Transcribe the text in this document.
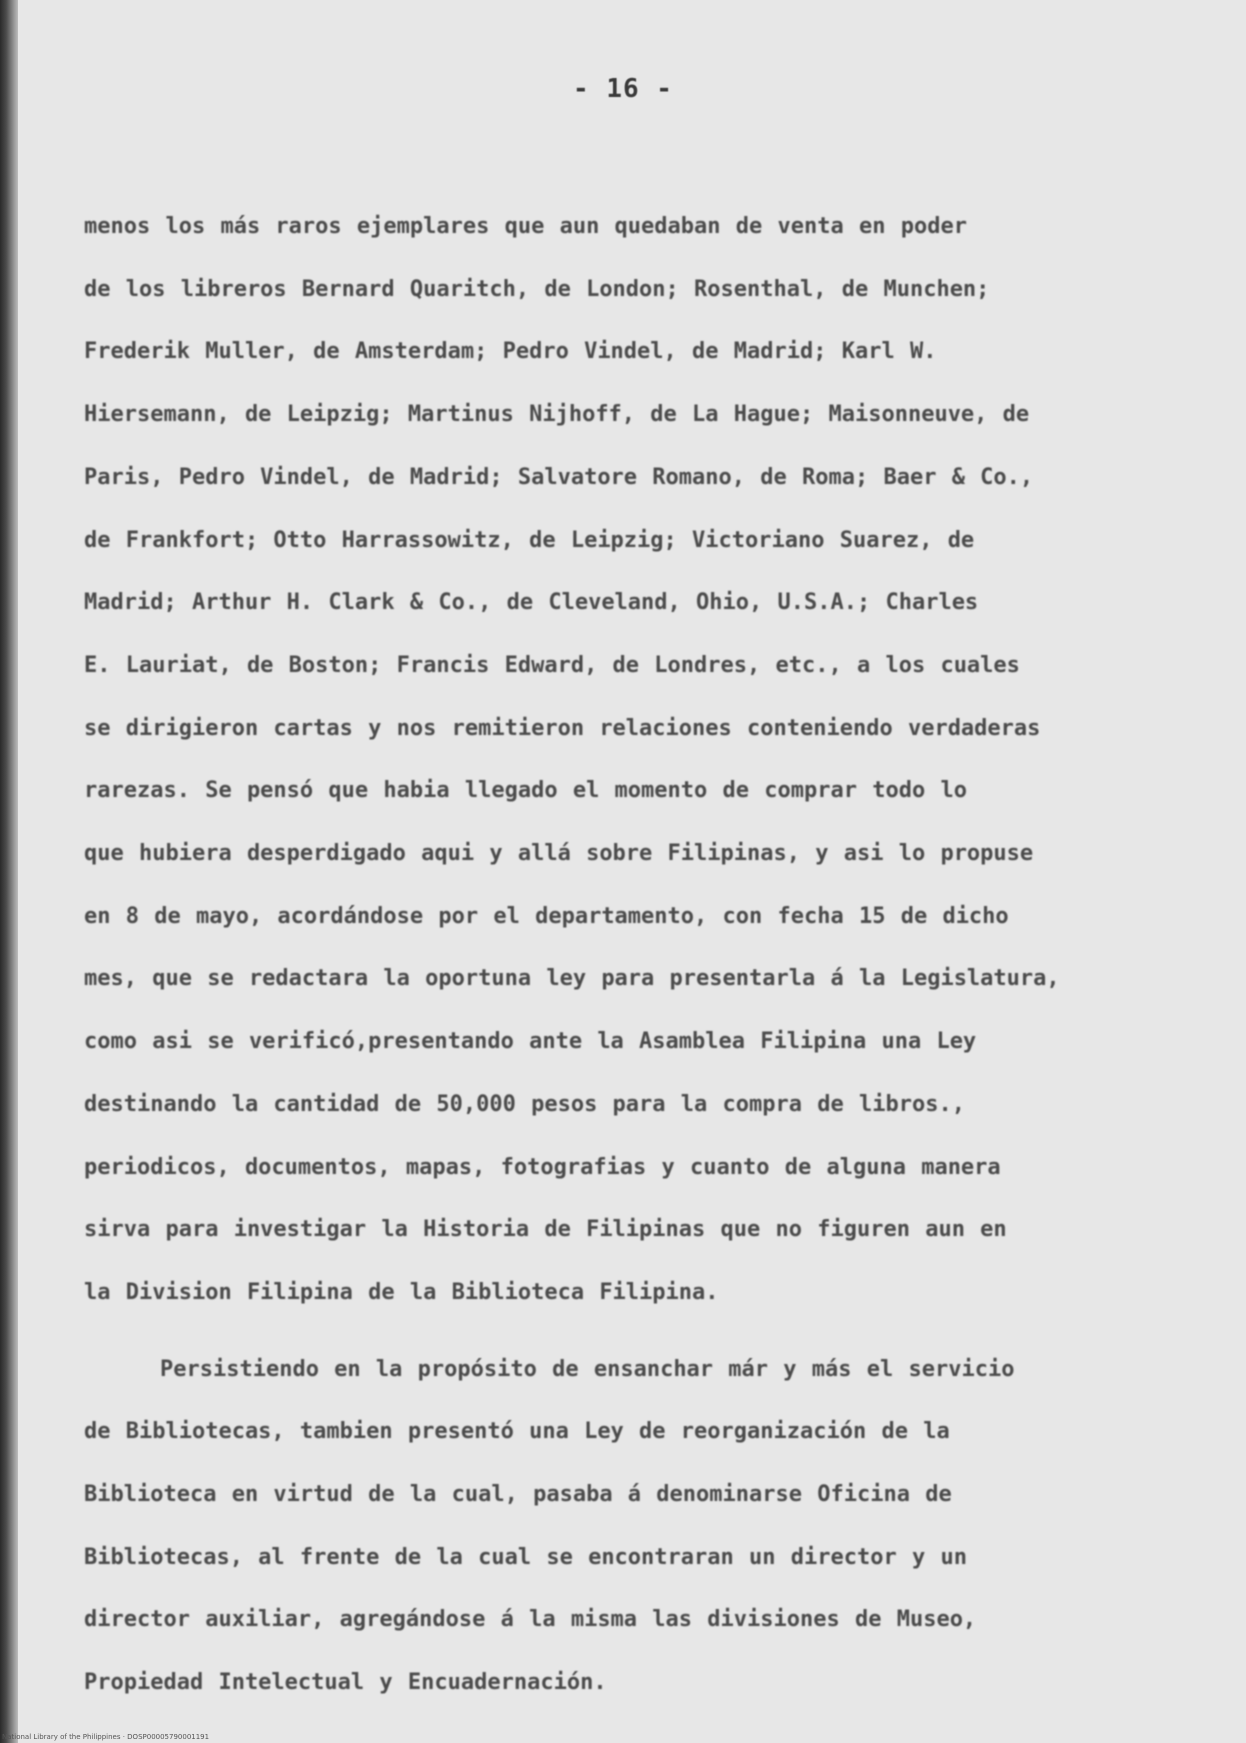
- 16 -
menos los más raros ejemplares que aun quedaban de venta en poder
de los libreros Bernard Quaritch, de London; Rosenthal, de Munchen;
Frederik Muller, de Amsterdam; Pedro Vindel, de Madrid; Karl W.
Hiersemann, de Leipzig; Martinus Nijhoff, de La Hague; Maisonneuve, de
Paris, Pedro Vindel, de Madrid; Salvatore Romano, de Roma; Baer & Co.,
de Frankfort; Otto Harrassowitz, de Leipzig; Victoriano Suarez, de
Madrid; Arthur H. Clark & Co., de Cleveland, Ohio, U.S.A.; Charles
E. Lauriat, de Boston; Francis Edward, de Londres, etc., a los cuales
se dirigieron cartas y nos remitieron relaciones conteniendo verdaderas
rarezas. Se pensó que habia llegado el momento de comprar todo lo
que hubiera desperdigado aqui y allá sobre Filipinas, y asi lo propuse
en 8 de mayo, acordándose por el departamento, con fecha 15 de dicho
mes, que se redactara la oportuna ley para presentarla á la Legislatura,
como asi se verificó,presentando ante la Asamblea Filipina una Ley
destinando la cantidad de 50,000 pesos para la compra de libros.,
periodicos, documentos, mapas, fotografias y cuanto de alguna manera
sirva para investigar la Historia de Filipinas que no figuren aun en
la Division Filipina de la Biblioteca Filipina.
Persistiendo en la propósito de ensanchar már y más el servicio
de Bibliotecas, tambien presentó una Ley de reorganización de la
Biblioteca en virtud de la cual, pasaba á denominarse Oficina de
Bibliotecas, al frente de la cual se encontraran un director y un
director auxiliar, agregándose á la misma las divisiones de Museo,
Propiedad Intelectual y Encuadernación.
National Library of the Philippines · DOSP00005790001191
